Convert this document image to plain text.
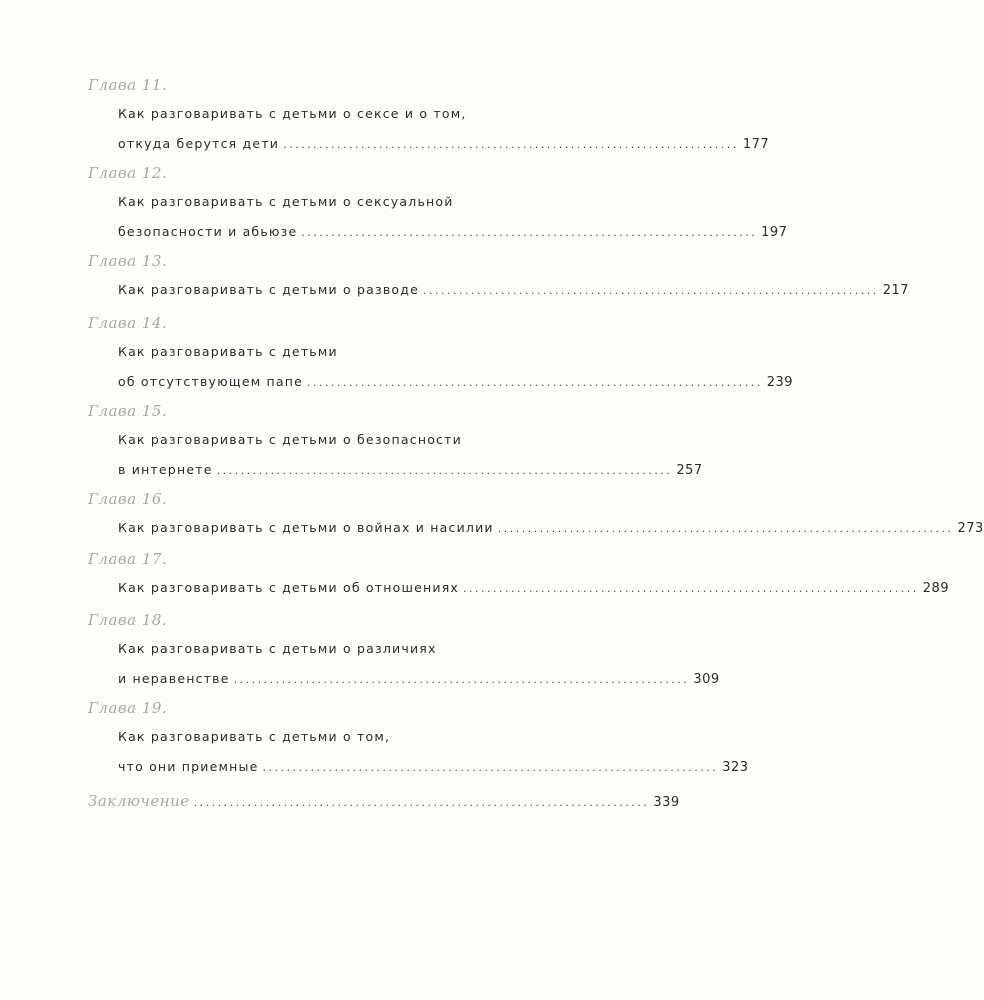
Глава 11.
Как разговаривать с детьми о сексе и о том,
откуда берутся дети ............................................................................ 177
Глава 12.
Как разговаривать с детьми о сексуальной
безопасности и абьюзе ............................................................................ 197
Глава 13.
Как разговаривать с детьми о разводе ............................................................................ 217
Глава 14.
Как разговаривать с детьми
об отсутствующем папе ............................................................................ 239
Глава 15.
Как разговаривать с детьми о безопасности
в интернете ............................................................................ 257
Глава 16.
Как разговаривать с детьми о войнах и насилии ............................................................................ 273
Глава 17.
Как разговаривать с детьми об отношениях ............................................................................ 289
Глава 18.
Как разговаривать с детьми о различиях
и неравенстве ............................................................................ 309
Глава 19.
Как разговаривать с детьми о том,
что они приемные ............................................................................ 323
Заключение ............................................................................ 339
